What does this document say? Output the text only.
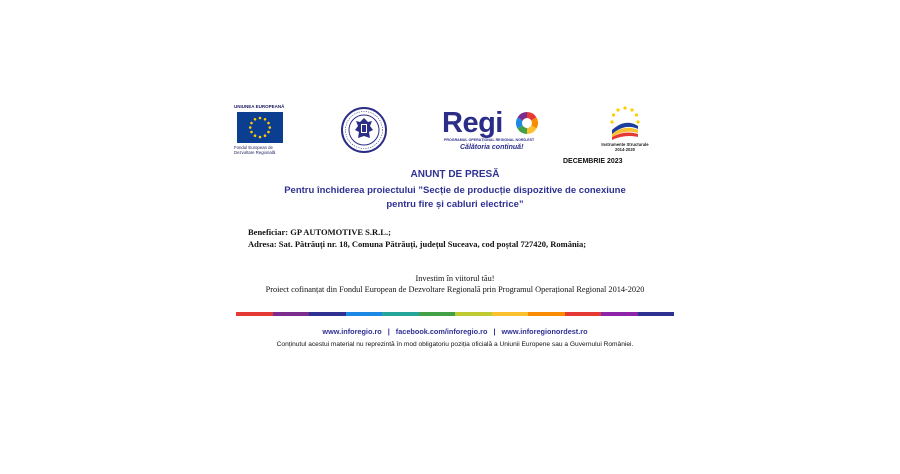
UNIUNEA EUROPEANĂ
Fondul European de
Dezvoltare Regională
Regi
PROGRAMUL OPERAȚIONAL REGIONAL NORD-EST
Călătoria continuă!	Instrumente Structurale
2014-2020
DECEMBRIE 2023
ANUNȚ DE PRESĂ
Pentru închiderea proiectului ”Secție de producție dispozitive de conexiune
pentru fire și cabluri electrice”
Beneficiar: GP AUTOMOTIVE S.R.L.;
Adresa: Sat. Pătrăuți nr. 18, Comuna Pătrăuți, județul Suceava, cod poștal 727420, România;
Investim în viitorul tău!
Proiect cofinanțat din Fondul European de Dezvoltare Regională prin Programul Operațional Regional 2014-2020
www.inforegio.ro | facebook.com/inforegio.ro | www.inforegionordest.ro
Conținutul acestui material nu reprezintă în mod obligatoriu poziția oficială a Uniunii Europene sau a Guvernului României.
